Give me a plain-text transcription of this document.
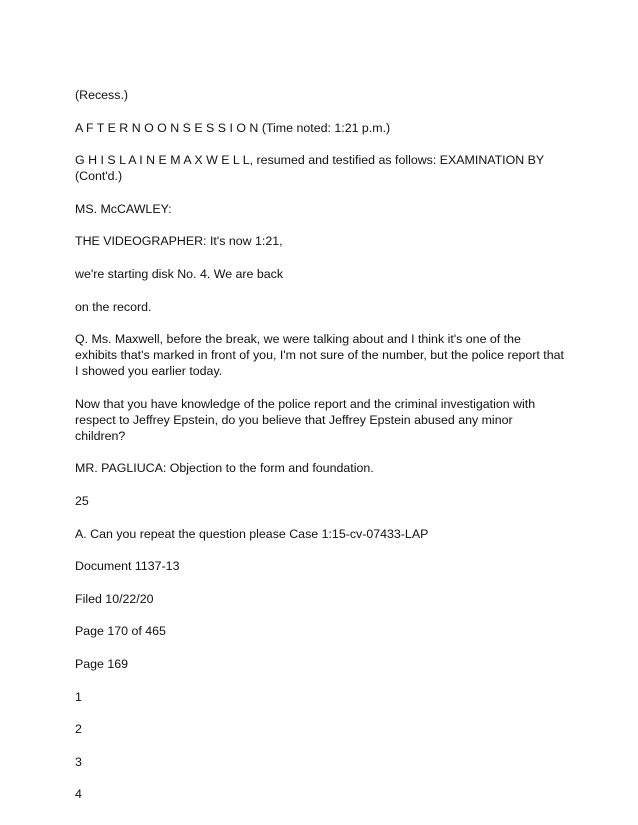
(Recess.)

A F T E R N O O N S E S S I O N (Time noted: 1:21 p.m.)

G H I S L A I N E M A X W E L L, resumed and testified as follows: EXAMINATION BY (Cont'd.)

MS. McCAWLEY:

THE VIDEOGRAPHER: It's now 1:21,

we're starting disk No. 4. We are back

on the record.

Q. Ms. Maxwell, before the break, we were talking about and I think it's one of the exhibits that's marked in front of you, I'm not sure of the number, but the police report that I showed you earlier today.

Now that you have knowledge of the police report and the criminal investigation with respect to Jeffrey Epstein, do you believe that Jeffrey Epstein abused any minor children?

MR. PAGLIUCA: Objection to the form and foundation.

25

A. Can you repeat the question please Case 1:15-cv-07433-LAP

Document 1137-13

Filed 10/22/20

Page 170 of 465

Page 169

1

2

3

4
